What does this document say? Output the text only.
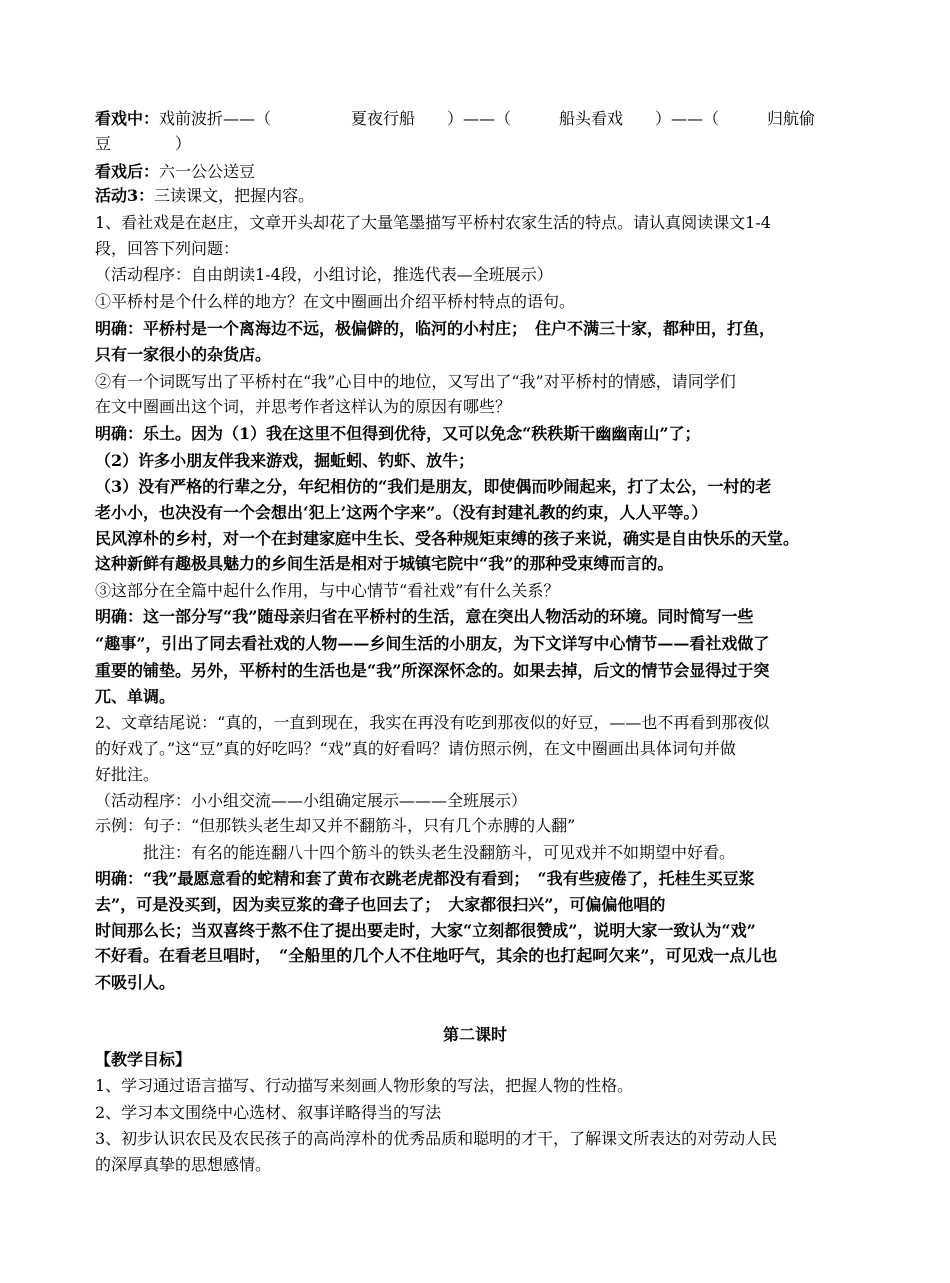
看戏中：戏前波折——（　　　　　夏夜行船　　）——（　　　船头看戏　　）——（　　　归航偷
豆　　　　）
看戏后：六一公公送豆
活动3：三读课文，把握内容。
1、看社戏是在赵庄，文章开头却花了大量笔墨描写平桥村农家生活的特点。请认真阅读课文1-4
段，回答下列问题：
（活动程序：自由朗读1-4段，小组讨论，推选代表—全班展示）
①平桥村是个什么样的地方？在文中圈画出介绍平桥村特点的语句。
明确：平桥村是一个离海边不远，极偏僻的，临河的小村庄；　住户不满三十家，都种田，打鱼，
只有一家很小的杂货店。
②有一个词既写出了平桥村在“我”心目中的地位，又写出了“我”对平桥村的情感，请同学们
在文中圈画出这个词，并思考作者这样认为的原因有哪些？
明确：乐土。因为（1）我在这里不但得到优待，又可以免念“秩秩斯干幽幽南山”了；
（2）许多小朋友伴我来游戏，掘蚯蚓、钓虾、放牛；
（3）没有严格的行辈之分，年纪相仿的“我们是朋友，即使偶而吵闹起来，打了太公，一村的老
老小小，也决没有一个会想出‘犯上’这两个字来”。（没有封建礼教的约束，人人平等。）
民风淳朴的乡村，对一个在封建家庭中生长、受各种规矩束缚的孩子来说，确实是自由快乐的天堂。
这种新鲜有趣极具魅力的乡间生活是相对于城镇宅院中“我”的那种受束缚而言的。
③这部分在全篇中起什么作用，与中心情节“看社戏”有什么关系？
明确：这一部分写“我”随母亲归省在平桥村的生活，意在突出人物活动的环境。同时简写一些
“趣事”，引出了同去看社戏的人物——乡间生活的小朋友，为下文详写中心情节——看社戏做了
重要的铺垫。另外，平桥村的生活也是“我”所深深怀念的。如果去掉，后文的情节会显得过于突
兀、单调。
2、文章结尾说：“真的，一直到现在，我实在再没有吃到那夜似的好豆，——也不再看到那夜似
的好戏了。”这“豆”真的好吃吗？“戏”真的好看吗？请仿照示例，在文中圈画出具体词句并做
好批注。
（活动程序：小小组交流——小组确定展示———全班展示）
示例：句子：“但那铁头老生却又并不翻筋斗，只有几个赤膊的人翻”
　　　批注：有名的能连翻八十四个筋斗的铁头老生没翻筋斗，可见戏并不如期望中好看。
明确：“我”最愿意看的蛇精和套了黄布衣跳老虎都没有看到；　“我有些疲倦了，托桂生买豆浆
去”，可是没买到，因为卖豆浆的聋子也回去了；　大家都很扫兴”，可偏偏他唱的
时间那么长；当双喜终于熬不住了提出要走时，大家“立刻都很赞成”，说明大家一致认为“戏”
不好看。在看老旦唱时，　“全船里的几个人不住地吁气，其余的也打起呵欠来”，可见戏一点儿也
不吸引人。
第二课时
【教学目标】
1、学习通过语言描写、行动描写来刻画人物形象的写法，把握人物的性格。
2、学习本文围绕中心选材、叙事详略得当的写法
3、初步认识农民及农民孩子的高尚淳朴的优秀品质和聪明的才干，了解课文所表达的对劳动人民
的深厚真挚的思想感情。
